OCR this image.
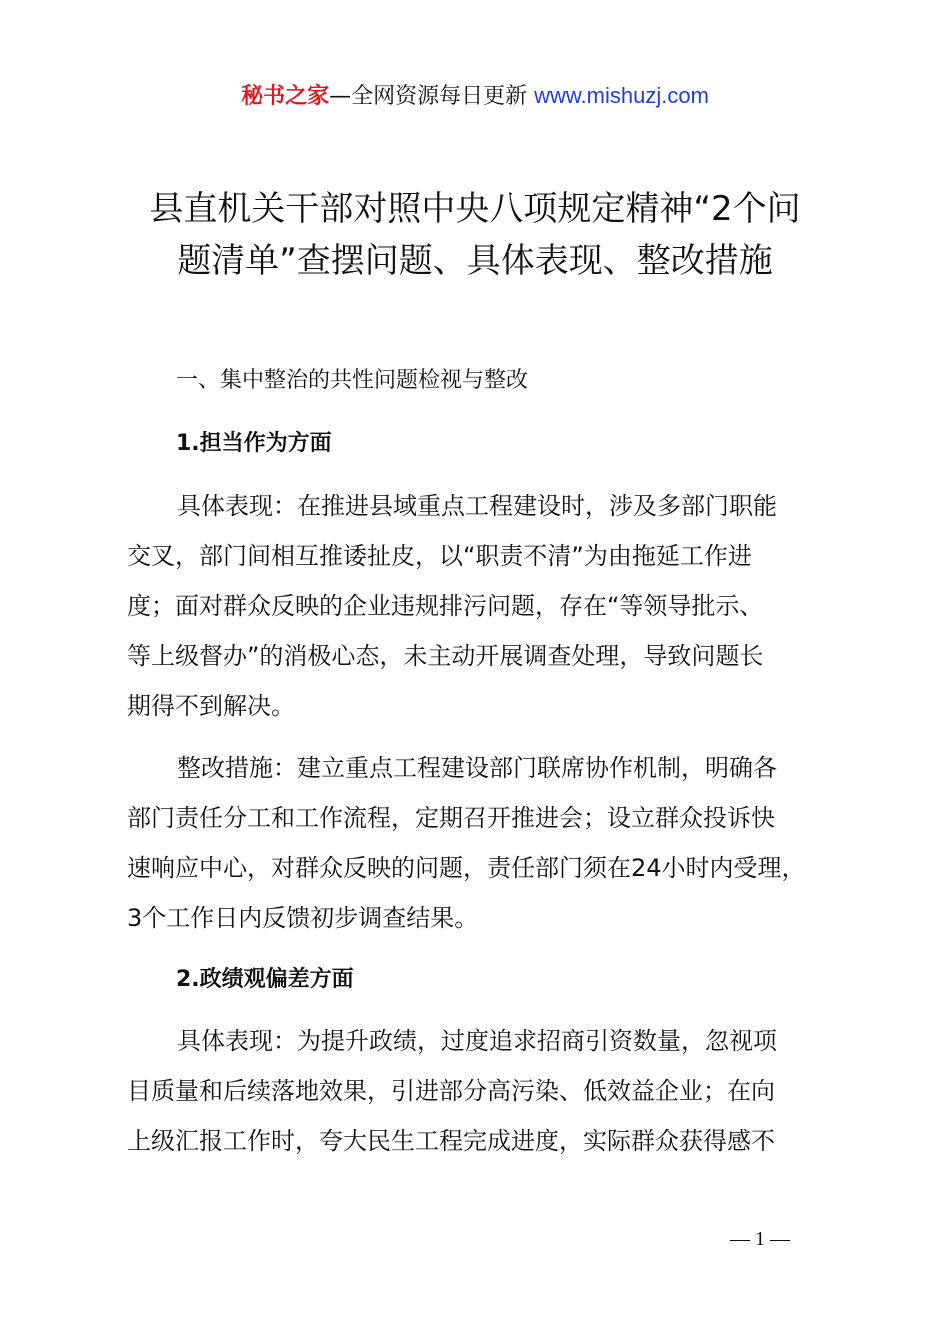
秘书之家—全网资源每日更新 www.mishuzj.com
县直机关干部对照中央八项规定精神“2个问
题清单”查摆问题、具体表现、整改措施
一、集中整治的共性问题检视与整改
1.担当作为方面
具体表现：在推进县域重点工程建设时，涉及多部门职能
交叉，部门间相互推诿扯皮，以“职责不清”为由拖延工作进
度；面对群众反映的企业违规排污问题，存在“等领导批示、
等上级督办”的消极心态，未主动开展调查处理，导致问题长
期得不到解决。
整改措施：建立重点工程建设部门联席协作机制，明确各
部门责任分工和工作流程，定期召开推进会；设立群众投诉快
速响应中心，对群众反映的问题，责任部门须在24小时内受理，
3个工作日内反馈初步调查结果。
2.政绩观偏差方面
具体表现：为提升政绩，过度追求招商引资数量，忽视项
目质量和后续落地效果，引进部分高污染、低效益企业；在向
上级汇报工作时，夸大民生工程完成进度，实际群众获得感不
— 1 —
